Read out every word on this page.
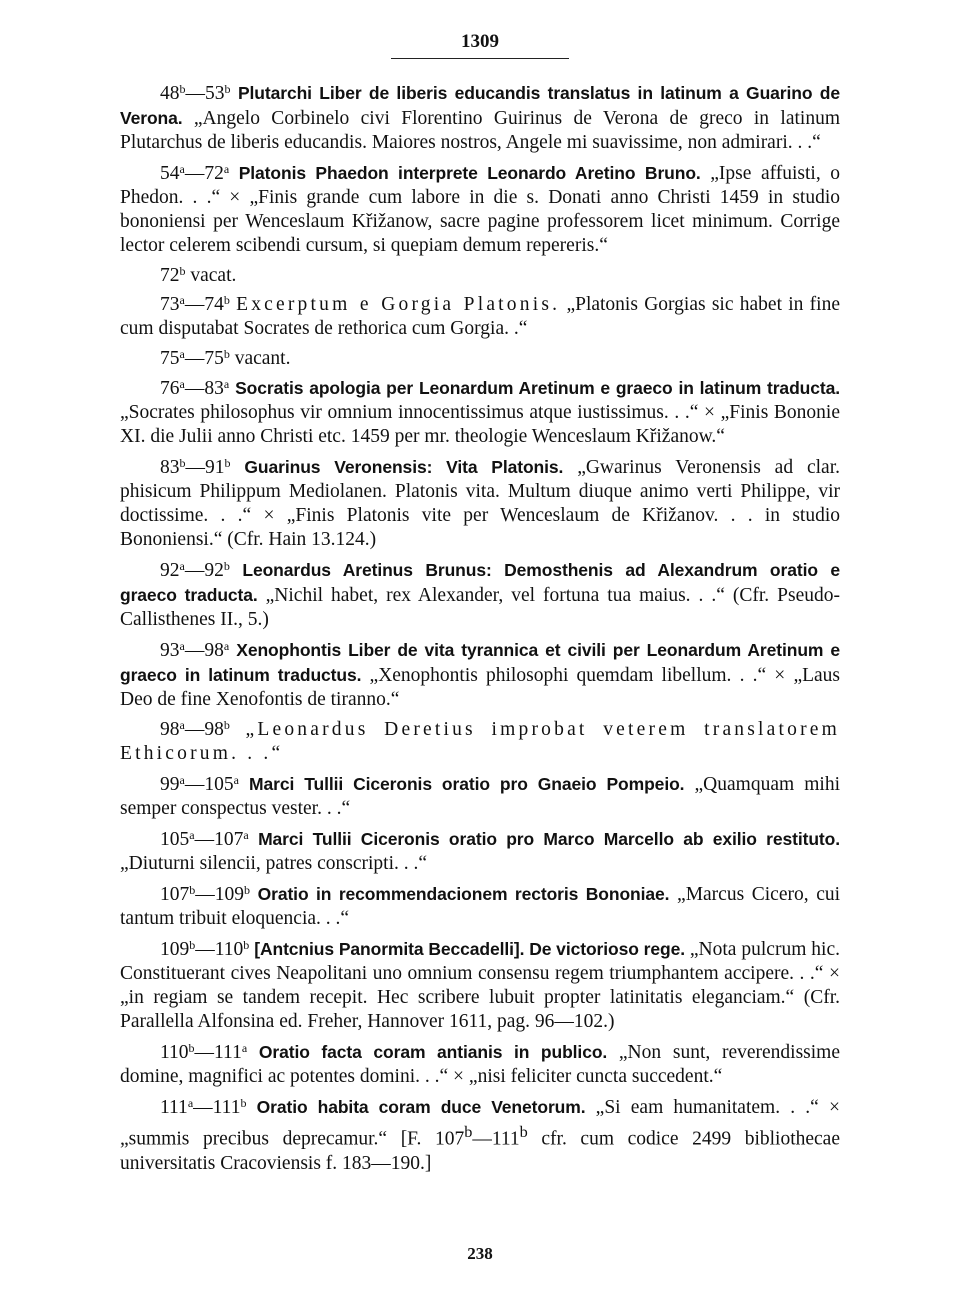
1309

48$^b$—53$^b$ Plutarchi Liber de liberis educandis translatus in latinum a Guarino de Verona. „Angelo Corbinelo civi Florentino Guirinus de Verona de greco in latinum Plutarchus de liberis educandis. Maiores nostros, Angele mi suavissime, non admirari. . .“

54$^a$—72$^a$ Platonis Phaedon interprete Leonardo Aretino Bruno. „Ipse affuisti, o Phedon. . .“ × „Finis grande cum labore in die s. Donati anno Christi 1459 in studio bononiensi per Wenceslaum Křižanow, sacre pagine professorem licet minimum. Corrige lector celerem scibendi cursum, si quepiam demum repereris.“

72$^b$ vacat.

73$^a$—74$^b$ Excerptum e Gorgia Platonis. „Platonis Gorgias sic habet in fine cum disputabat Socrates de rethorica cum Gorgia. .“

75$^a$—75$^b$ vacant.

76$^a$—83$^a$ Socratis apologia per Leonardum Aretinum e graeco in latinum traducta. „Socrates philosophus vir omnium innocentissimus atque iustissimus. . .“ × „Finis Bononie XI. die Julii anno Christi etc. 1459 per mr. theologie Wenceslaum Křižanow.“

83$^b$—91$^b$ Guarinus Veronensis: Vita Platonis. „Gwarinus Veronensis ad clar. phisicum Philippum Mediolanen. Platonis vita. Multum diuque animo verti Philippe, vir doctissime. . .“ × „Finis Platonis vite per Wenceslaum de Křižanov. . . in studio Bononiensi.“ (Cfr. Hain 13.124.)

92$^a$—92$^b$ Leonardus Aretinus Brunus: Demosthenis ad Alexandrum oratio e graeco traducta. „Nichil habet, rex Alexander, vel fortuna tua maius. . .“ (Cfr. Pseudo-Callisthenes II., 5.)

93$^a$—98$^a$ Xenophontis Liber de vita tyrannica et civili per Leonardum Aretinum e graeco in latinum traductus. „Xenophontis philosophi quemdam libellum. . .“ × „Laus Deo de fine Xenofontis de tiranno.“

98$^a$—98$^b$ „Leonardus Deretius improbat veterem translatorem Ethicorum. . .“

99$^a$—105$^a$ Marci Tullii Ciceronis oratio pro Gnaeio Pompeio. „Quamquam mihi semper conspectus vester. . .“

105$^a$—107$^a$ Marci Tullii Ciceronis oratio pro Marco Marcello ab exilio restituto. „Diuturni silencii, patres conscripti. . .“

107$^b$—109$^b$ Oratio in recommendacionem rectoris Bononiae. „Marcus Cicero, cui tantum tribuit eloquencia. . .“

109$^b$—110$^b$ [Antcnius Panormita Beccadelli]. De victorioso rege. „Nota pulcrum hic. Constituerant cives Neapolitani uno omnium consensu regem triumphantem accipere. . .“ × „in regiam se tandem recepit. Hec scribere lubuit propter latinitatis eleganciam.“ (Cfr. Parallella Alfonsina ed. Freher, Hannover 1611, pag. 96—102.)

110$^b$—111$^a$ Oratio facta coram antianis in publico. „Non sunt, reverendissime domine, magnifici ac potentes domini. . .“ × „nisi feliciter cuncta succedent.“

111$^a$—111$^b$ Oratio habita coram duce Venetorum. „Si eam humanitatem. . .“ × „summis precibus deprecamur.“ [F. 107$^b$—111$^b$ cfr. cum codice 2499 bibliothecae universitatis Cracoviensis f. 183—190.]

238
